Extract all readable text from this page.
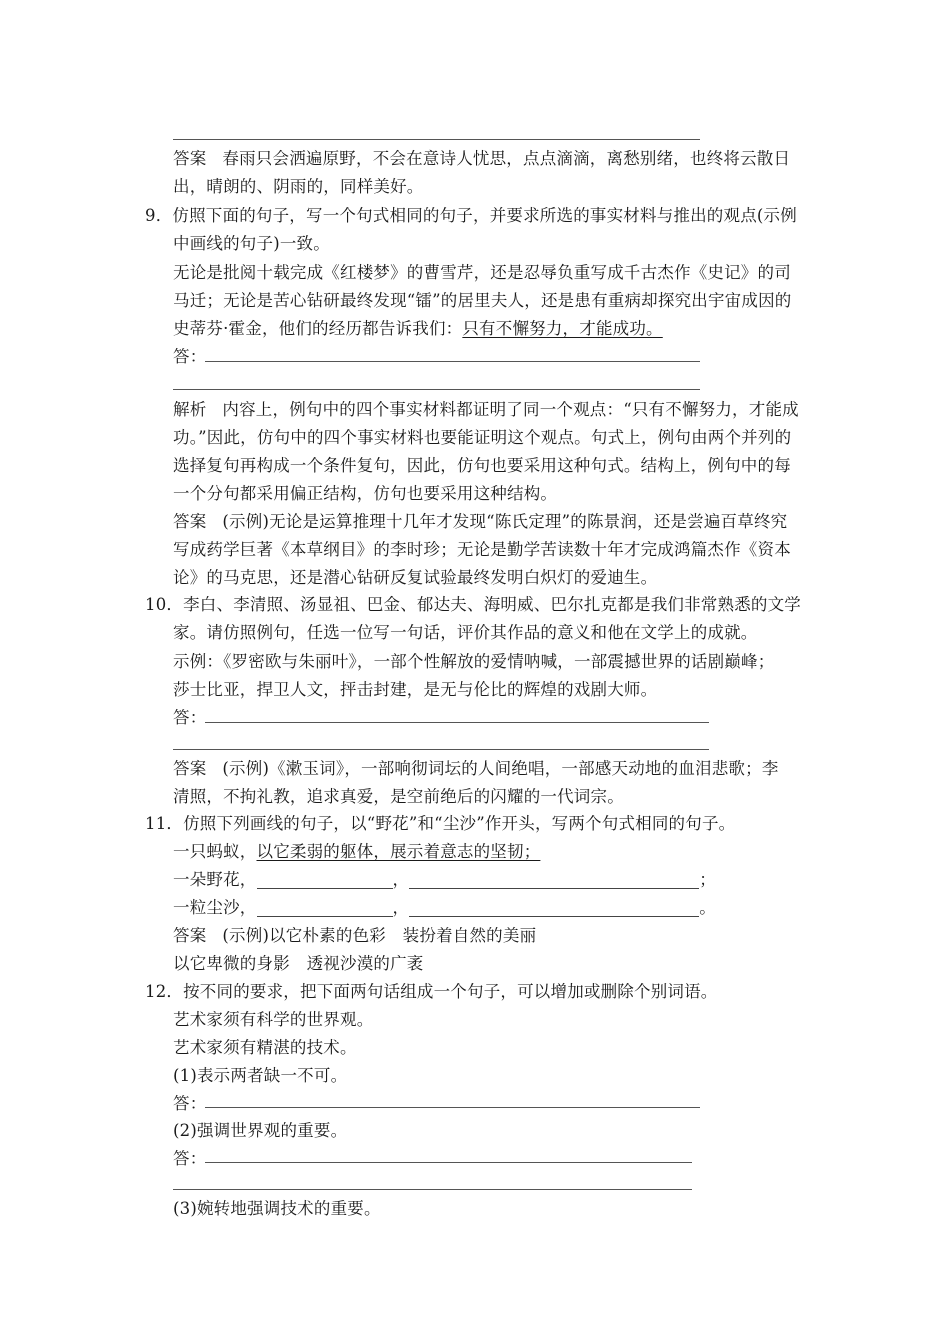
答案 春雨只会洒遍原野，不会在意诗人忧思，点点滴滴，离愁别绪，也终将云散日
出，晴朗的、阴雨的，同样美好。
9．仿照下面的句子，写一个句式相同的句子，并要求所选的事实材料与推出的观点(示例
中画线的句子)一致。
无论是批阅十载完成《红楼梦》的曹雪芹，还是忍辱负重写成千古杰作《史记》的司
马迁；无论是苦心钻研最终发现“镭”的居里夫人，还是患有重病却探究出宇宙成因的
史蒂芬·霍金，他们的经历都告诉我们：只有不懈努力，才能成功。
答：
解析 内容上，例句中的四个事实材料都证明了同一个观点：“只有不懈努力，才能成
功。”因此，仿句中的四个事实材料也要能证明这个观点。句式上，例句由两个并列的
选择复句再构成一个条件复句，因此，仿句也要采用这种句式。结构上，例句中的每
一个分句都采用偏正结构，仿句也要采用这种结构。
答案 (示例)无论是运算推理十几年才发现“陈氏定理”的陈景润，还是尝遍百草终究
写成药学巨著《本草纲目》的李时珍；无论是勤学苦读数十年才完成鸿篇杰作《资本
论》的马克思，还是潜心钻研反复试验最终发明白炽灯的爱迪生。
10．李白、李清照、汤显祖、巴金、郁达夫、海明威、巴尔扎克都是我们非常熟悉的文学
家。请仿照例句，任选一位写一句话，评价其作品的意义和他在文学上的成就。
示例：《罗密欧与朱丽叶》，一部个性解放的爱情呐喊，一部震撼世界的话剧巅峰；
莎士比亚，捍卫人文，抨击封建，是无与伦比的辉煌的戏剧大师。
答：
答案 (示例)《漱玉词》，一部响彻词坛的人间绝唱，一部感天动地的血泪悲歌；李
清照，不拘礼教，追求真爱，是空前绝后的闪耀的一代词宗。
11．仿照下列画线的句子，以“野花”和“尘沙”作开头，写两个句式相同的句子。
一只蚂蚁，以它柔弱的躯体，展示着意志的坚韧；
一朵野花，	，	；
一粒尘沙，	，	。
答案 (示例)以它朴素的色彩　装扮着自然的美丽
以它卑微的身影　透视沙漠的广袤
12．按不同的要求，把下面两句话组成一个句子，可以增加或删除个别词语。
艺术家须有科学的世界观。
艺术家须有精湛的技术。
(1)表示两者缺一不可。
答：
(2)强调世界观的重要。
答：
(3)婉转地强调技术的重要。
